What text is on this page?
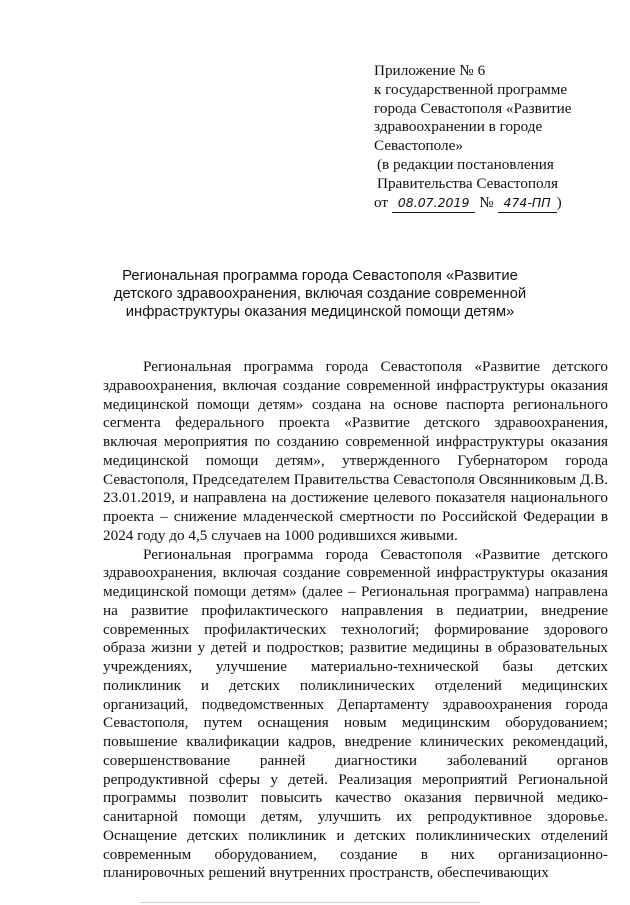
Приложение № 6
к государственной программе
города Севастополя «Развитие
здравоохранении в городе
Севастополе»
(в редакции постановления
Правительства Севастополя
от 08.07.2019 № 474-ПП )
Региональная программа города Севастополя «Развитие детского здравоохранения, включая создание современной инфраструктуры оказания медицинской помощи детям»

Региональная программа города Севастополя «Развитие детского здравоохранения, включая создание современной инфраструктуры оказания медицинской помощи детям» создана на основе паспорта регионального сегмента федерального проекта «Развитие детского здравоохранения, включая мероприятия по созданию современной инфраструктуры оказания медицинской помощи детям», утвержденного Губернатором города Севастополя, Председателем Правительства Севастополя Овсянниковым Д.В. 23.01.2019, и направлена на достижение целевого показателя национального проекта – снижение младенческой смертности по Российской Федерации в 2024 году до 4,5 случаев на 1000 родившихся живыми.

Региональная программа города Севастополя «Развитие детского здравоохранения, включая создание современной инфраструктуры оказания медицинской помощи детям» (далее – Региональная программа) направлена на развитие профилактического направления в педиатрии, внедрение современных профилактических технологий; формирование здорового образа жизни у детей и подростков; развитие медицины в образовательных учреждениях, улучшение материально-технической базы детских поликлиник и детских поликлинических отделений медицинских организаций, подведомственных Департаменту здравоохранения города Севастополя, путем оснащения новым медицинским оборудованием; повышение квалификации кадров, внедрение клинических рекомендаций, совершенствование ранней диагностики заболеваний органов репродуктивной сферы у детей. Реализация мероприятий Региональной программы позволит повысить качество оказания первичной медико-санитарной помощи детям, улучшить их репродуктивное здоровье. Оснащение детских поликлиник и детских поликлинических отделений современным оборудованием, создание в них организационно-планировочных решений внутренних пространств, обеспечивающих
